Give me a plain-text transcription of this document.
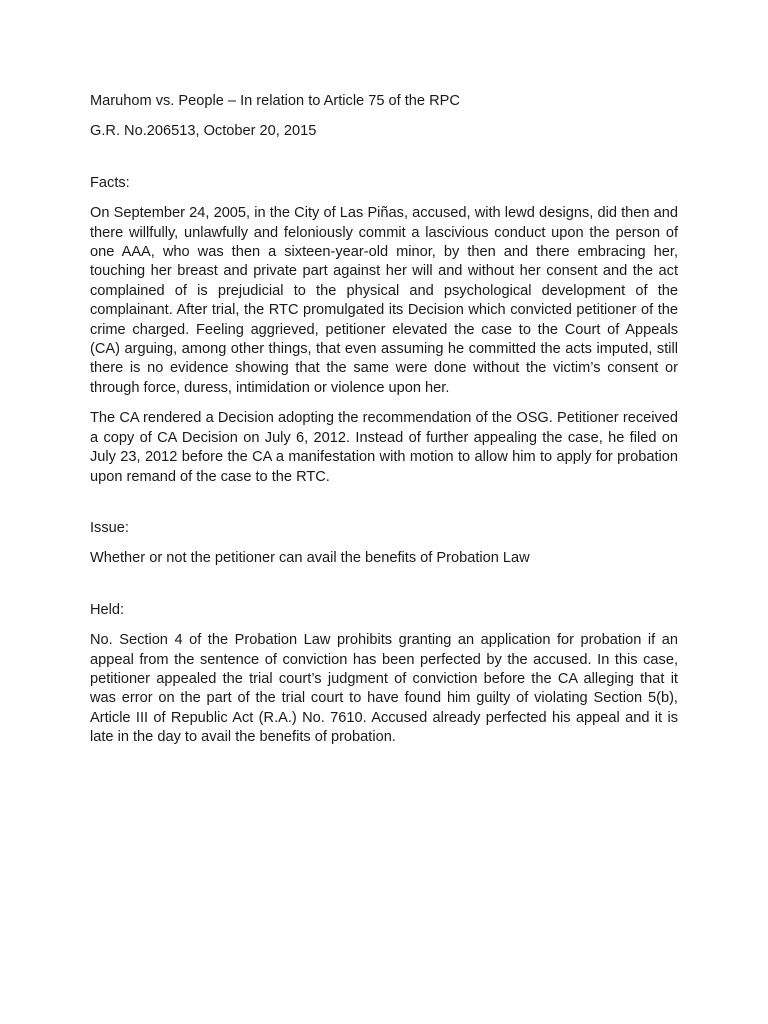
Maruhom vs. People – In relation to Article 75 of the RPC

G.R. No.206513, October 20, 2015

Facts:

On September 24, 2005, in the City of Las Piñas, accused, with lewd designs, did then and there willfully, unlawfully and feloniously commit a lascivious conduct upon the person of one AAA, who was then a sixteen-year-old minor, by then and there embracing her, touching her breast and private part against her will and without her consent and the act complained of is prejudicial to the physical and psychological development of the complainant. After trial, the RTC promulgated its Decision which convicted petitioner of the crime charged. Feeling aggrieved, petitioner elevated the case to the Court of Appeals (CA) arguing, among other things, that even assuming he committed the acts imputed, still there is no evidence showing that the same were done without the victim’s consent or through force, duress, intimidation or violence upon her.

The CA rendered a Decision adopting the recommendation of the OSG. Petitioner received a copy of CA Decision on July 6, 2012. Instead of further appealing the case, he filed on July 23, 2012 before the CA a manifestation with motion to allow him to apply for probation upon remand of the case to the RTC.

Issue:

Whether or not the petitioner can avail the benefits of Probation Law

Held:

No. Section 4 of the Probation Law prohibits granting an application for probation if an appeal from the sentence of conviction has been perfected by the accused. In this case, petitioner appealed the trial court’s judgment of conviction before the CA alleging that it was error on the part of the trial court to have found him guilty of violating Section 5(b), Article III of Republic Act (R.A.) No. 7610. Accused already perfected his appeal and it is late in the day to avail the benefits of probation.
